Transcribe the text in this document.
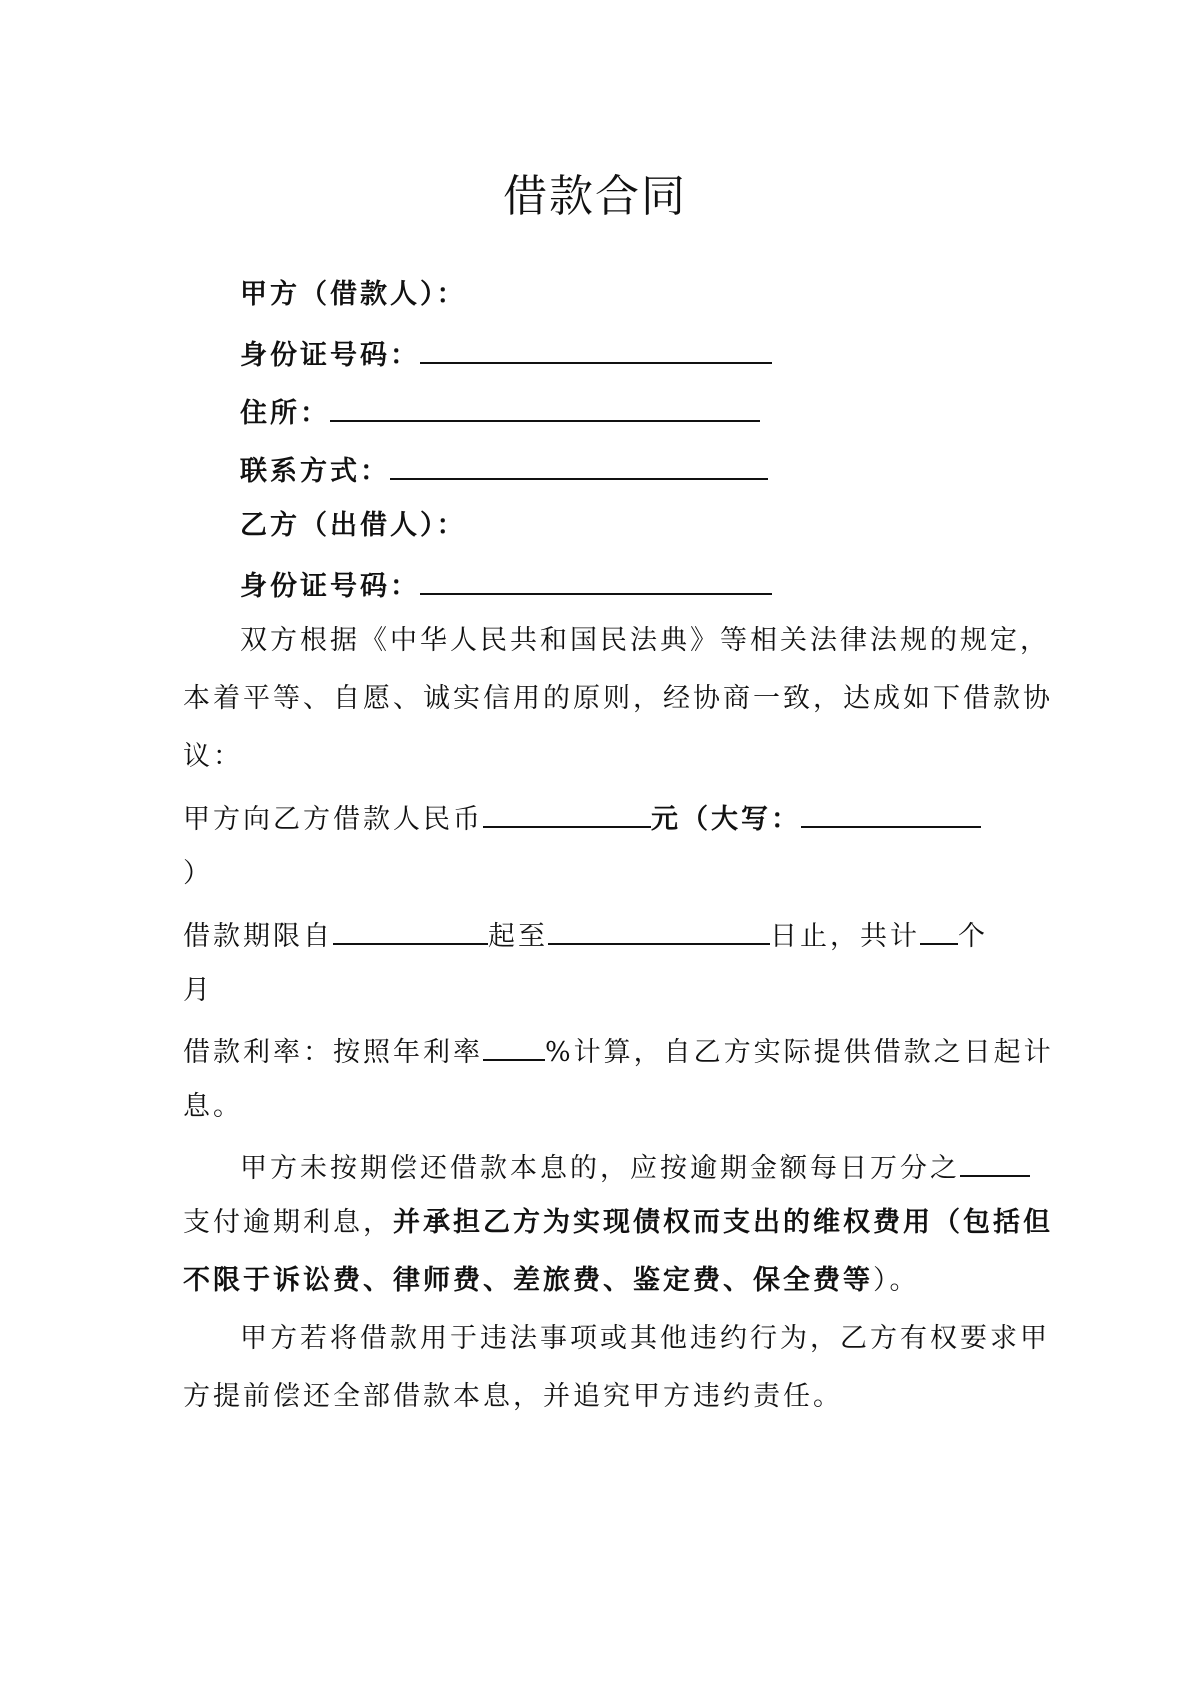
借款合同
甲方（借款人）：
身份证号码：
住所：
联系方式：
乙方（出借人）：
身份证号码：
双方根据《中华人民共和国民法典》等相关法律法规的规定，
本着平等、自愿、诚实信用的原则，经协商一致，达成如下借款协
议：
甲方向乙方借款人民币	元（大写：
）
借款期限自	起至	日止，共计 个
月
借款利率：按照年利率 %计算，自乙方实际提供借款之日起计
息。
甲方未按期偿还借款本息的，应按逾期金额每日万分之
支付逾期利息，并承担乙方为实现债权而支出的维权费用（包括但
不限于诉讼费、律师费、差旅费、鉴定费、保全费等）。
甲方若将借款用于违法事项或其他违约行为，乙方有权要求甲
方提前偿还全部借款本息，并追究甲方违约责任。
